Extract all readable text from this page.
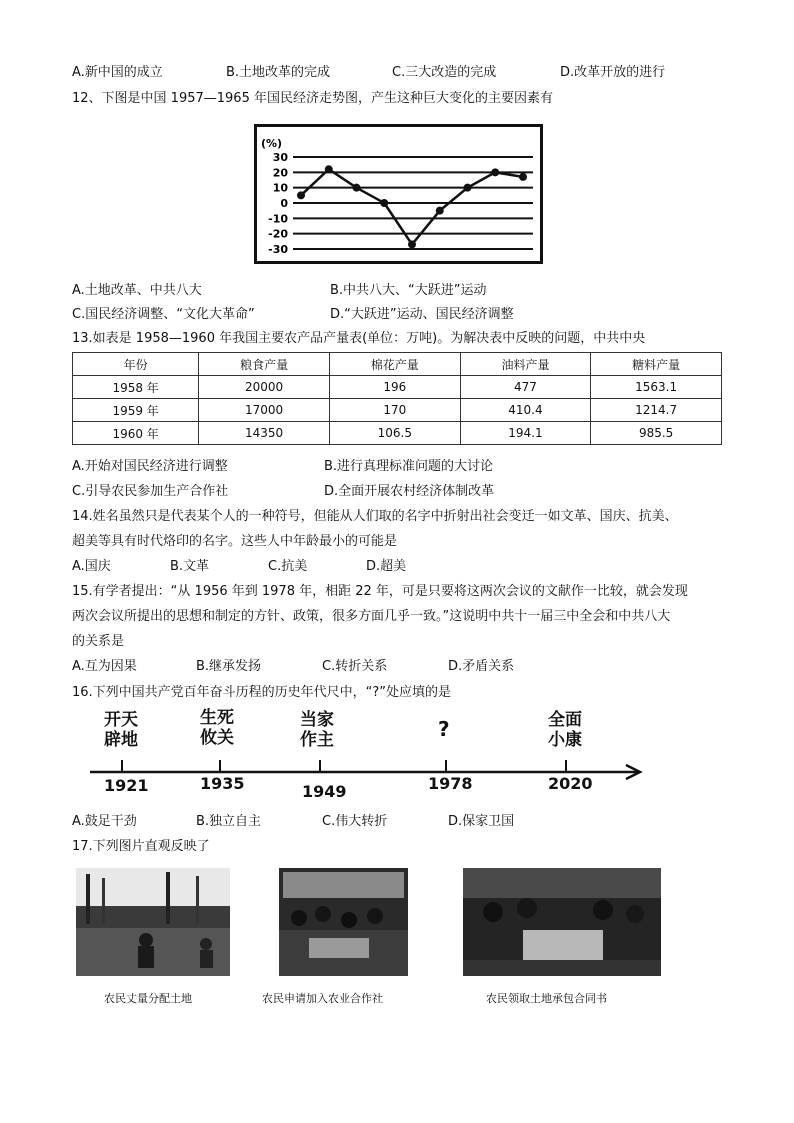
A.新中国的成立	B.土地改革的完成	C.三大改造的完成	D.改革开放的进行
12、下图是中国 1957—1965 年国民经济走势图，产生这种巨大变化的主要因素有
(%)
30
20
10
0
-10
-20
-30
A.土地改革、中共八大	B.中共八大、“大跃进”运动
C.国民经济调整、“文化大革命”	D.“大跃进”运动、国民经济调整
13.如表是 1958—1960 年我国主要农产品产量表(单位：万吨)。为解决表中反映的问题，中共中央
年份	粮食产量	棉花产量	油料产量	糖料产量
1958 年	20000	196	477	1563.1
1959 年	17000	170	410.4	1214.7
1960 年	14350	106.5	194.1	985.5
A.开始对国民经济进行调整	B.进行真理标准问题的大讨论
C.引导农民参加生产合作社	D.全面开展农村经济体制改革
14.姓名虽然只是代表某个人的一种符号，但能从人们取的名字中折射出社会变迁一如文革、国庆、抗美、
超美等具有时代烙印的名字。这些人中年龄最小的可能是
A.国庆	B.文革	C.抗美	D.超美
15.有学者提出：“从 1956 年到 1978 年，相距 22 年，可是只要将这两次会议的文献作一比较，就会发现
两次会议所提出的思想和制定的方针、政策，很多方面几乎一致。”这说明中共十一届三中全会和中共八大
的关系是
A.互为因果	B.继承发扬	C.转折关系	D.矛盾关系
16.下列中国共产党百年奋斗历程的历史年代尺中，“?”处应填的是
开天
辟地
生死
攸关
当家
作主	?	全面
小康
1921	1935	1949	1978	2020
A.鼓足干劲	B.独立自主	C.伟大转折	D.保家卫国
17.下列图片直观反映了
农民丈量分配土地	农民申请加入农业合作社	农民领取土地承包合同书
